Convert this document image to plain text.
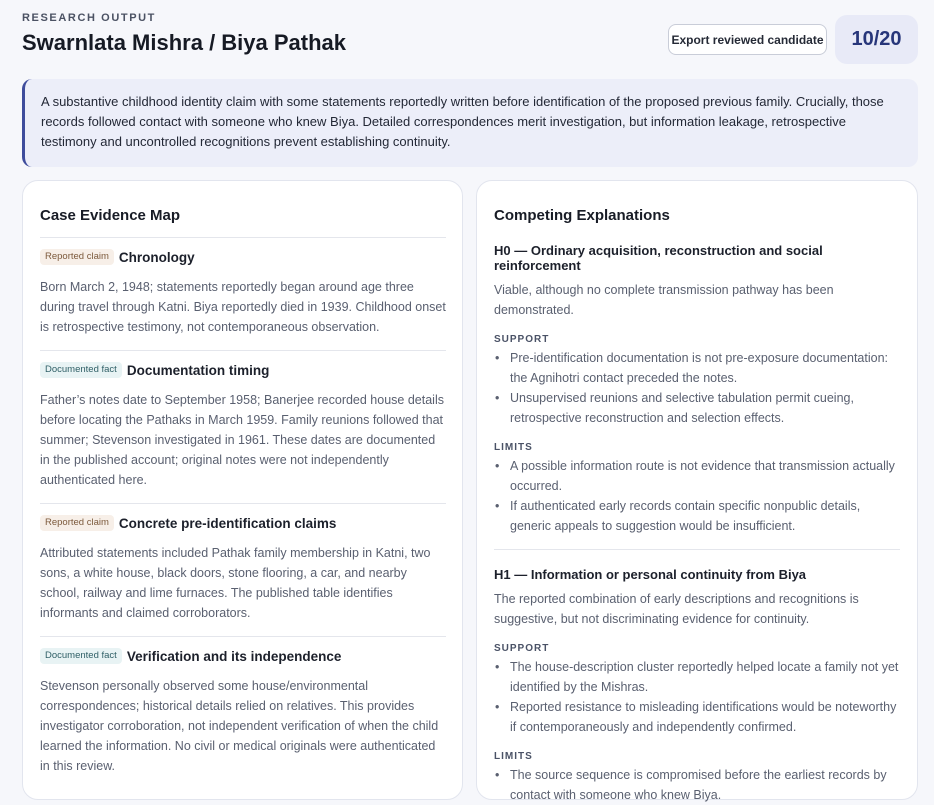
RESEARCH OUTPUT
Swarnlata Mishra / Biya Pathak	Export reviewed candidate	10/20

A substantive childhood identity claim with some statements reportedly written before identification of the proposed previous family. Crucially, those records followed contact with someone who knew Biya. Detailed correspondences merit investigation, but information leakage, retrospective testimony and uncontrolled recognitions prevent establishing continuity.

Case Evidence Map
Reported claim Chronology
Born March 2, 1948; statements reportedly began around age three during travel through Katni. Biya reportedly died in 1939. Childhood onset is retrospective testimony, not contemporaneous observation.
Documented fact Documentation timing
Father’s notes date to September 1958; Banerjee recorded house details before locating the Pathaks in March 1959. Family reunions followed that summer; Stevenson investigated in 1961. These dates are documented in the published account; original notes were not independently authenticated here.
Reported claim Concrete pre-identification claims
Attributed statements included Pathak family membership in Katni, two sons, a white house, black doors, stone flooring, a car, and nearby school, railway and lime furnaces. The published table identifies informants and claimed corroborators.
Documented fact Verification and its independence
Stevenson personally observed some house/environmental correspondences; historical details relied on relatives. This provides investigator corroboration, not independent verification of when the child learned the information. No civil or medical originals were authenticated in this review.
Competing Explanations
H0 — Ordinary acquisition, reconstruction and social reinforcement
Viable, although no complete transmission pathway has been demonstrated.
SUPPORT
• Pre-identification documentation is not pre-exposure documentation: the Agnihotri contact preceded the notes.
• Unsupervised reunions and selective tabulation permit cueing, retrospective reconstruction and selection effects.
LIMITS
• A possible information route is not evidence that transmission actually occurred.
• If authenticated early records contain specific nonpublic details, generic appeals to suggestion would be insufficient.
H1 — Information or personal continuity from Biya
The reported combination of early descriptions and recognitions is suggestive, but not discriminating evidence for continuity.
SUPPORT
• The house-description cluster reportedly helped locate a family not yet identified by the Mishras.
• Reported resistance to misleading identifications would be noteworthy if contemporaneously and independently confirmed.
LIMITS
• The source sequence is compromised before the earliest records by contact with someone who knew Biya.
